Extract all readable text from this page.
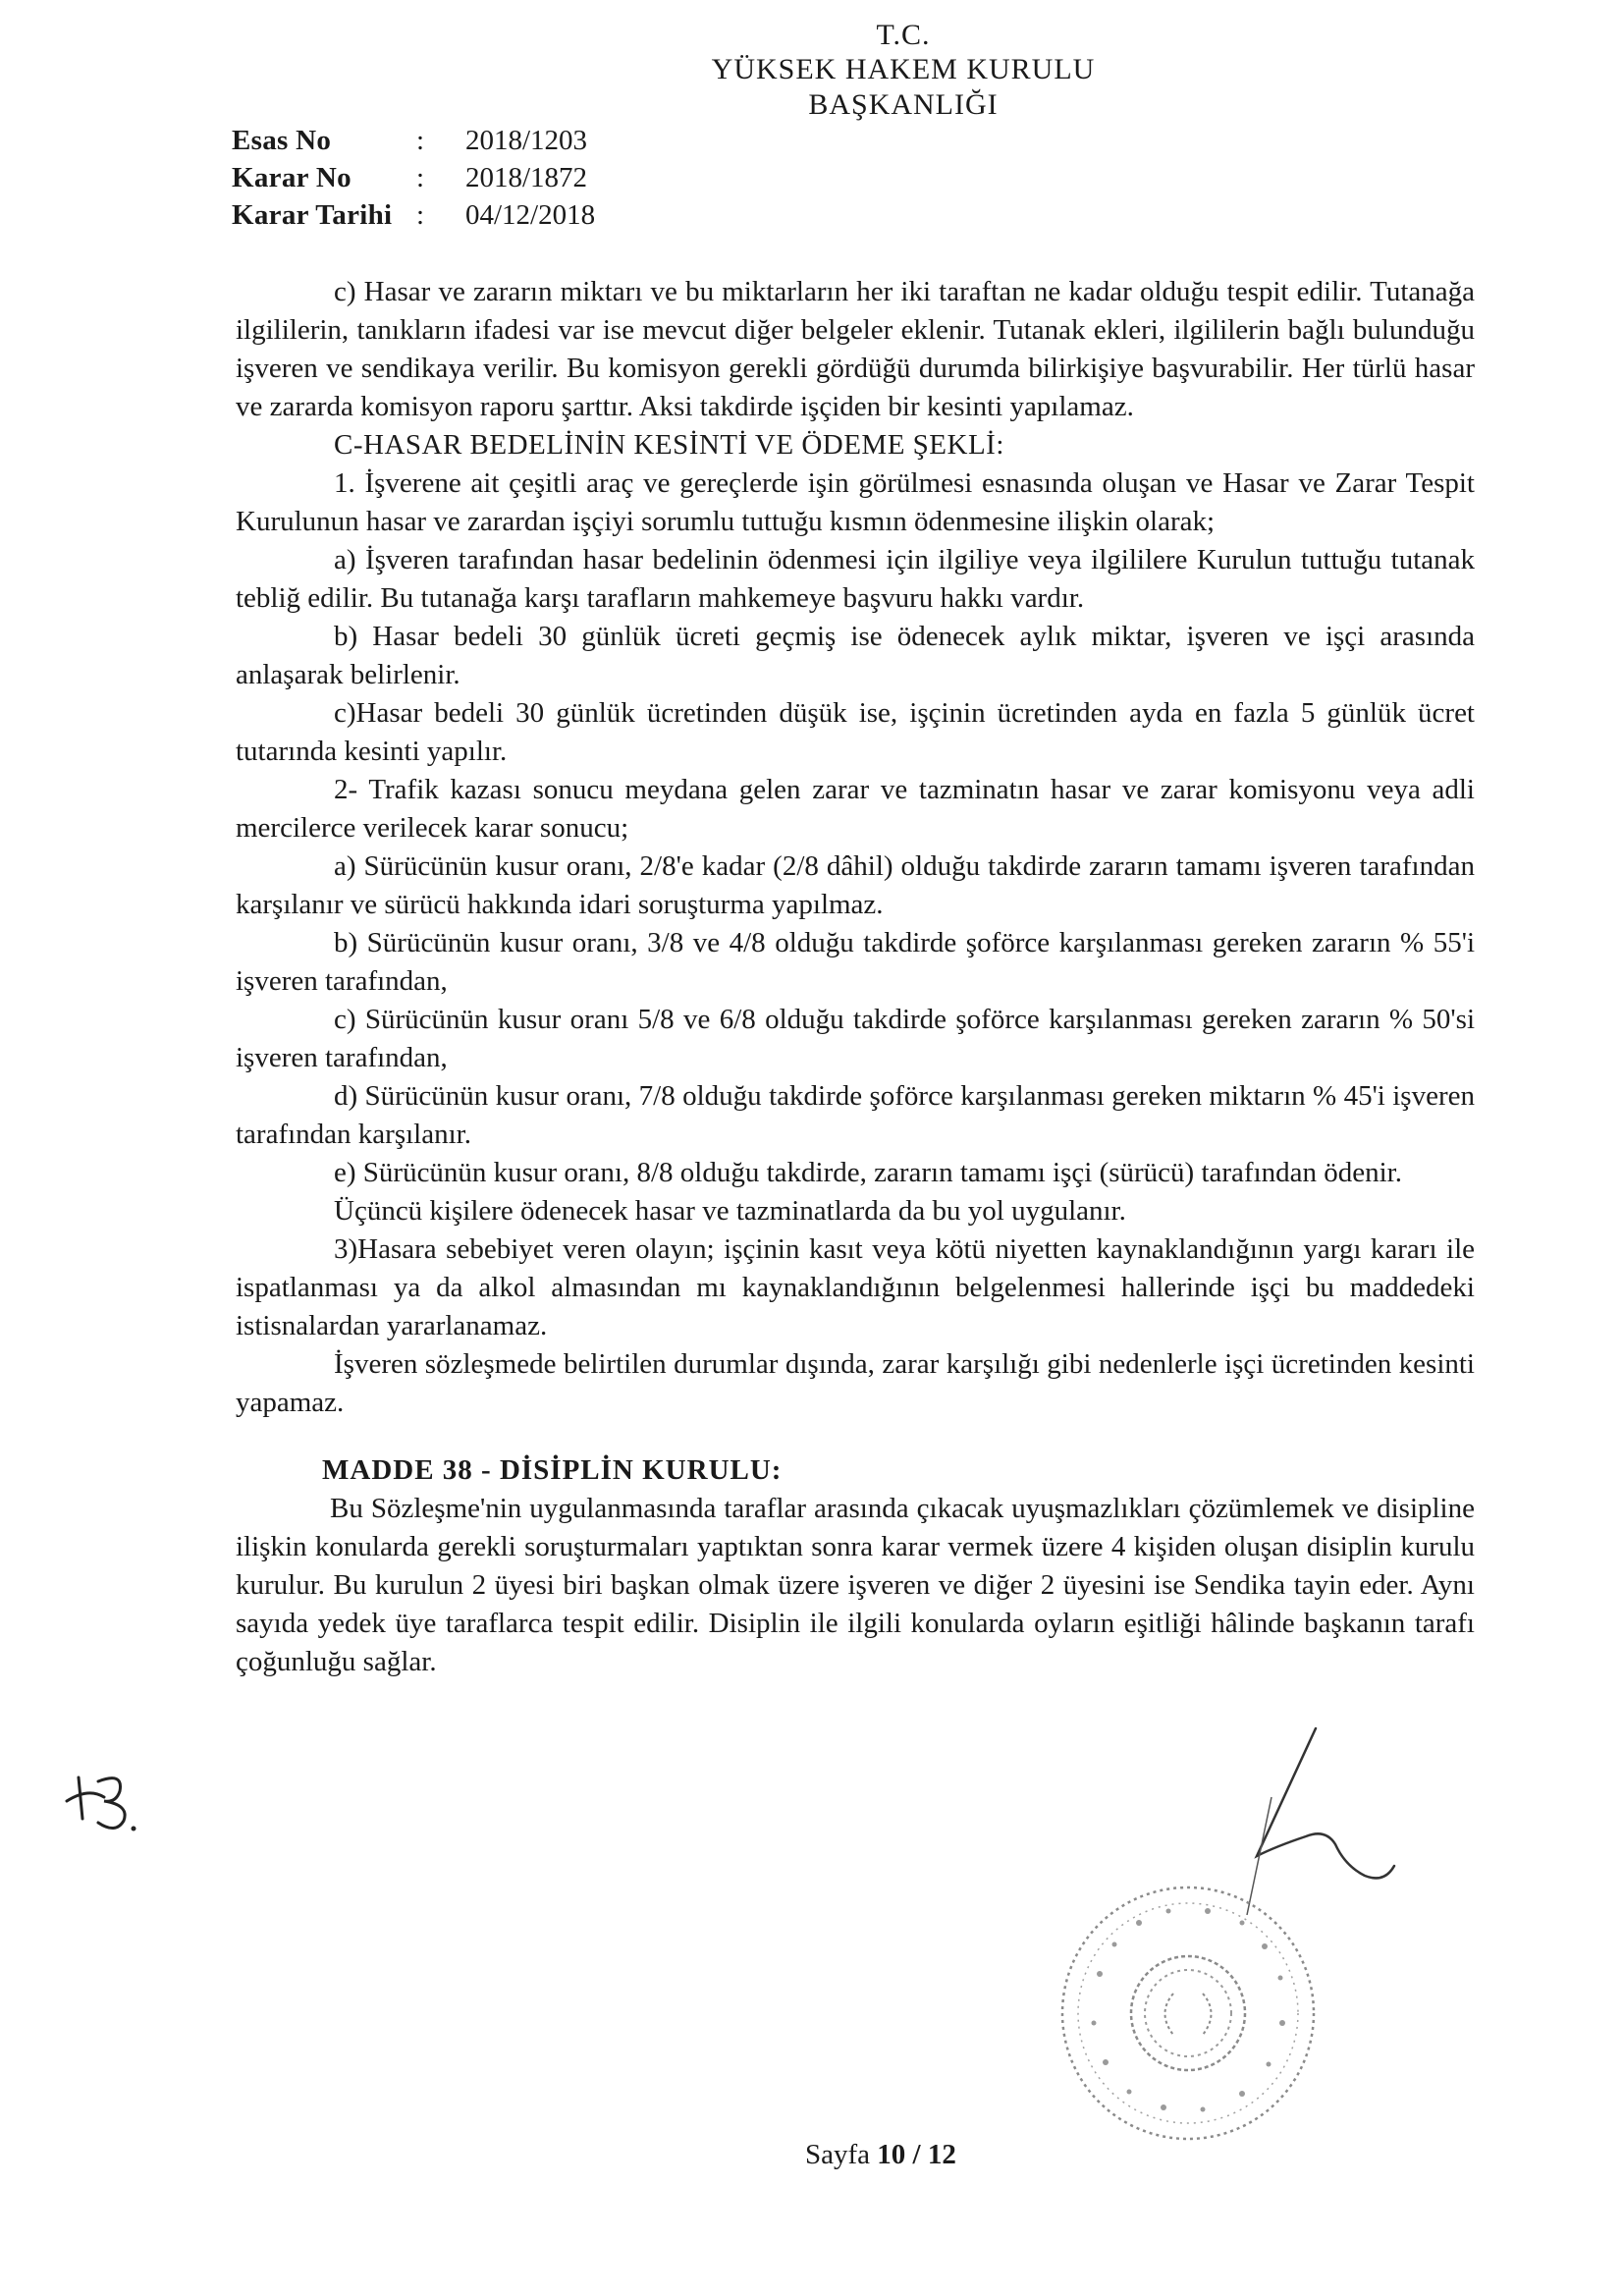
T.C.
YÜKSEK HAKEM KURULU
BAŞKANLIĞI
Esas No	:	2018/1203
Karar No	:	2018/1872
Karar Tarihi :	04/12/2018

c) Hasar ve zararın miktarı ve bu miktarların her iki taraftan ne kadar olduğu tespit edilir. Tutanağa ilgililerin, tanıkların ifadesi var ise mevcut diğer belgeler eklenir. Tutanak ekleri, ilgililerin bağlı bulunduğu işveren ve sendikaya verilir. Bu komisyon gerekli gördüğü durumda bilirkişiye başvurabilir. Her türlü hasar ve zararda komisyon raporu şarttır. Aksi takdirde işçiden bir kesinti yapılamaz.

C-HASAR BEDELİNİN KESİNTİ VE ÖDEME ŞEKLİ:

1. İşverene ait çeşitli araç ve gereçlerde işin görülmesi esnasında oluşan ve Hasar ve Zarar Tespit Kurulunun hasar ve zarardan işçiyi sorumlu tuttuğu kısmın ödenmesine ilişkin olarak;

a) İşveren tarafından hasar bedelinin ödenmesi için ilgiliye veya ilgililere Kurulun tuttuğu tutanak tebliğ edilir. Bu tutanağa karşı tarafların mahkemeye başvuru hakkı vardır.

b) Hasar bedeli 30 günlük ücreti geçmiş ise ödenecek aylık miktar, işveren ve işçi arasında anlaşarak belirlenir.

c)Hasar bedeli 30 günlük ücretinden düşük ise, işçinin ücretinden ayda en fazla 5 günlük ücret tutarında kesinti yapılır.

2- Trafik kazası sonucu meydana gelen zarar ve tazminatın hasar ve zarar komisyonu veya adli mercilerce verilecek karar sonucu;

a) Sürücünün kusur oranı, 2/8'e kadar (2/8 dâhil) olduğu takdirde zararın tamamı işveren tarafından karşılanır ve sürücü hakkında idari soruşturma yapılmaz.

b) Sürücünün kusur oranı, 3/8 ve 4/8 olduğu takdirde şoförce karşılanması gereken zararın % 55'i işveren tarafından,

c) Sürücünün kusur oranı 5/8 ve 6/8 olduğu takdirde şoförce karşılanması gereken zararın % 50'si işveren tarafından,

d) Sürücünün kusur oranı, 7/8 olduğu takdirde şoförce karşılanması gereken miktarın % 45'i işveren tarafından karşılanır.

e) Sürücünün kusur oranı, 8/8 olduğu takdirde, zararın tamamı işçi (sürücü) tarafından ödenir.

Üçüncü kişilere ödenecek hasar ve tazminatlarda da bu yol uygulanır.

3)Hasara sebebiyet veren olayın; işçinin kasıt veya kötü niyetten kaynaklandığının yargı kararı ile ispatlanması ya da alkol almasından mı kaynaklandığının belgelenmesi hallerinde işçi bu maddedeki istisnalardan yararlanamaz.

İşveren sözleşmede belirtilen durumlar dışında, zarar karşılığı gibi nedenlerle işçi ücretinden kesinti yapamaz.

MADDE 38 - DİSİPLİN KURULU:

Bu Sözleşme'nin uygulanmasında taraflar arasında çıkacak uyuşmazlıkları çözümlemek ve disipline ilişkin konularda gerekli soruşturmaları yaptıktan sonra karar vermek üzere 4 kişiden oluşan disiplin kurulu kurulur. Bu kurulun 2 üyesi biri başkan olmak üzere işveren ve diğer 2 üyesini ise Sendika tayin eder. Aynı sayıda yedek üye taraflarca tespit edilir. Disiplin ile ilgili konularda oyların eşitliği hâlinde başkanın tarafı çoğunluğu sağlar.

Sayfa 10 / 12
